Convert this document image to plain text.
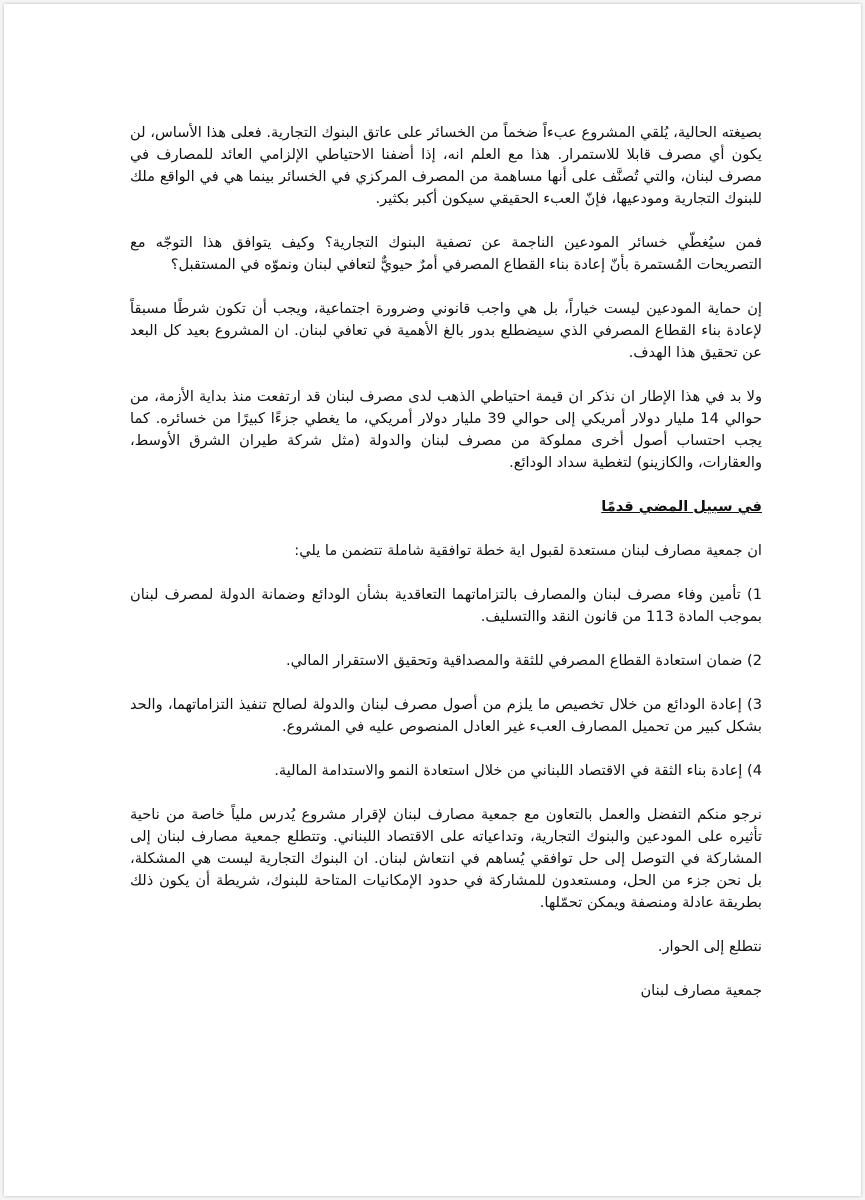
بصيغته الحالية، يُلقي المشروع عبءاً ضخماً من الخسائر على عاتق البنوك التجارية. فعلى هذا الأساس، لن يكون أي مصرف قابلا للاستمرار. هذا مع العلم انه، إذا أضفنا الاحتياطي الإلزامي العائد للمصارف في مصرف لبنان، والتي تُصنَّف على أنها مساهمة من المصرف المركزي في الخسائر بينما هي في الواقع ملك للبنوك التجارية ومودعيها، فإنّ العبء الحقيقي سيكون أكبر بكثير.

فمن سيُغطّي خسائر المودعين الناجمة عن تصفية البنوك التجارية؟ وكيف يتوافق هذا التوجّه مع التصريحات المُستمرة بأنّ إعادة بناء القطاع المصرفي أمرٌ حيويٌّ لتعافي لبنان ونموّه في المستقبل؟

إن حماية المودعين ليست خياراً، بل هي واجب قانوني وضرورة اجتماعية، ويجب أن تكون شرطًا مسبقاً لإعادة بناء القطاع المصرفي الذي سيضطلع بدور بالغ الأهمية في تعافي لبنان. ان المشروع بعيد كل البعد عن تحقيق هذا الهدف.

ولا بد في هذا الإطار ان نذكر ان قيمة احتياطي الذهب لدى مصرف لبنان قد ارتفعت منذ بداية الأزمة، من حوالي 14 مليار دولار أمريكي إلى حوالي 39 مليار دولار أمريكي، ما يغطي جزءًا كبيرًا من خسائره. كما يجب احتساب أصول أخرى مملوكة من مصرف لبنان والدولة (مثل شركة طيران الشرق الأوسط، والعقارات، والكازينو) لتغطية سداد الودائع.

في سبيل المضي قدمًا

ان جمعية مصارف لبنان مستعدة لقبول اية خطة توافقية شاملة تتضمن ما يلي:

1) تأمين وفاء مصرف لبنان والمصارف بالتزاماتهما التعاقدية بشأن الودائع وضمانة الدولة لمصرف لبنان بموجب المادة 113 من قانون النقد واالتسليف.

2) ضمان استعادة القطاع المصرفي للثقة والمصداقية وتحقيق الاستقرار المالي.

3) إعادة الودائع من خلال تخصيص ما يلزم من أصول مصرف لبنان والدولة لصالح تنفيذ التزاماتهما، والحد بشكل كبير من تحميل المصارف العبء غير العادل المنصوص عليه في المشروع.

4) إعادة بناء الثقة في الاقتصاد اللبناني من خلال استعادة النمو والاستدامة المالية.

نرجو منكم التفضل والعمل بالتعاون مع جمعية مصارف لبنان لإقرار مشروع يُدرس ملياً خاصة من ناحية تأثيره على المودعين والبنوك التجارية، وتداعياته على الاقتصاد اللبناني. وتتطلع جمعية مصارف لبنان إلى المشاركة في التوصل إلى حل توافقي يُساهم في انتعاش لبنان. ان البنوك التجارية ليست هي المشكلة، بل نحن جزء من الحل، ومستعدون للمشاركة في حدود الإمكانيات المتاحة للبنوك، شريطة أن يكون ذلك بطريقة عادلة ومنصفة ويمكن تحمّلها.

نتطلع إلى الحوار.

جمعية مصارف لبنان
